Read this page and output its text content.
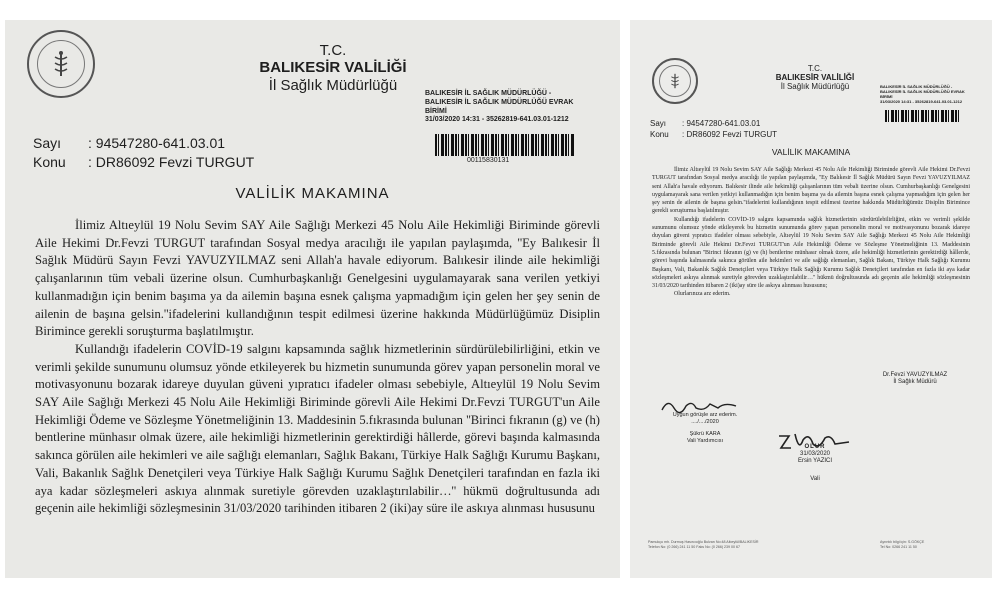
T.C.
BALIKESİR VALİLİĞİ
İl Sağlık Müdürlüğü	BALIKESİR İL SAĞLIK MÜDÜRLÜĞÜ -
BALIKESİR İL SAĞLIK MÜDÜRLÜĞÜ EVRAK
BİRİMİ
31/03/2020 14:31 - 35262819-641.03.01-1212
00115830131
Sayı	: 94547280-641.03.01
Konu	: DR86092 Fevzi TURGUT
VALİLİK MAKAMINA

İlimiz Altıeylül 19 Nolu Sevim SAY Aile Sağlığı Merkezi 45 Nolu Aile Hekimliği Biriminde görevli Aile Hekimi Dr.Fevzi TURGUT tarafından Sosyal medya aracılığı ile yapılan paylaşımda, ''Ey Balıkesir İl Sağlık Müdürü Sayın Fevzi YAVUZYILMAZ seni Allah'a havale ediyorum. Balıkesir ilinde aile hekimliği çalışanlarının tüm vebali üzerine olsun. Cumhurbaşkanlığı Genelgesini uygulamayarak sana verilen yetkiyi kullanmadığın için benim başıma ya da ailemin başına esnek çalışma yapmadığım için gelen her şey senin de ailenin de başına gelsin.''ifadelerini kullandığının tespit edilmesi üzerine hakkında Müdürlüğümüz Disiplin Birimince gerekli soruşturma başlatılmıştır.

Kullandığı ifadelerin COVİD-19 salgını kapsamında sağlık hizmetlerinin sürdürülebilirliğini, etkin ve verimli şekilde sunumunu olumsuz yönde etkileyerek bu hizmetin sunumunda görev yapan personelin moral ve motivasyonunu bozarak idareye duyulan güveni yıpratıcı ifadeler olması sebebiyle, Altıeylül 19 Nolu Sevim SAY Aile Sağlığı Merkezi 45 Nolu Aile Hekimliği Biriminde görevli Aile Hekimi Dr.Fevzi TURGUT'un Aile Hekimliği Ödeme ve Sözleşme Yönetmeliğinin 13. Maddesinin 5.fıkrasında bulunan ''Birinci fıkranın (g) ve (h) bentlerine münhasır olmak üzere, aile hekimliği hizmetlerinin gerektirdiği hâllerde, görevi başında kalmasında sakınca görülen aile hekimleri ve aile sağlığı elemanları, Sağlık Bakanı, Türkiye Halk Sağlığı Kurumu Başkanı, Vali, Bakanlık Sağlık Denetçileri veya Türkiye Halk Sağlığı Kurumu Sağlık Denetçileri tarafından en fazla iki aya kadar sözleşmeleri askıya alınmak suretiyle görevden uzaklaştırılabilir…'' hükmü doğrultusunda adı geçenin aile hekimliği sözleşmesinin 31/03/2020 tarihinden itibaren 2 (iki)ay süre ile askıya alınması hususunu

T.C.
BALIKESİR VALİLİĞİ
İl Sağlık Müdürlüğü	BALIKESİR İL SAĞLIK MÜDÜRLÜĞÜ -
BALIKESİR İL SAĞLIK MÜDÜRLÜĞÜ EVRAK
BİRİMİ
31/03/2020 14:31 - 35262819-641.03.01-1212
Sayı	: 94547280-641.03.01
Konu	: DR86092 Fevzi TURGUT
VALİLİK MAKAMINA

İlimiz Altıeylül 19 Nolu Sevim SAY Aile Sağlığı Merkezi 45 Nolu Aile Hekimliği Biriminde görevli Aile Hekimi Dr.Fevzi TURGUT tarafından Sosyal medya aracılığı ile yapılan paylaşımda, ''Ey Balıkesir İl Sağlık Müdürü Sayın Fevzi YAVUZYILMAZ seni Allah'a havale ediyorum. Balıkesir ilinde aile hekimliği çalışanlarının tüm vebali üzerine olsun. Cumhurbaşkanlığı Genelgesini uygulamayarak sana verilen yetkiyi kullanmadığın için benim başıma ya da ailemin başına esnek çalışma yapmadığım için gelen her şey senin de ailenin de başına gelsin.''ifadelerini kullandığının tespit edilmesi üzerine hakkında Müdürlüğümüz Disiplin Birimince gerekli soruşturma başlatılmıştır.

Kullandığı ifadelerin COVİD-19 salgını kapsamında sağlık hizmetlerinin sürdürülebilirliğini, etkin ve verimli şekilde sunumunu olumsuz yönde etkileyerek bu hizmetin sunumunda görev yapan personelin moral ve motivasyonunu bozarak idareye duyulan güveni yıpratıcı ifadeler olması sebebiyle, Altıeylül 19 Nolu Sevim SAY Aile Sağlığı Merkezi 45 Nolu Aile Hekimliği Biriminde görevli Aile Hekimi Dr.Fevzi TURGUT'un Aile Hekimliği Ödeme ve Sözleşme Yönetmeliğinin 13. Maddesinin 5.fıkrasında bulunan ''Birinci fıkranın (g) ve (h) bentlerine münhasır olmak üzere, aile hekimliği hizmetlerinin gerektirdiği hâllerde, görevi başında kalmasında sakınca görülen aile hekimleri ve aile sağlığı elemanları, Sağlık Bakanı, Türkiye Halk Sağlığı Kurumu Başkanı, Vali, Bakanlık Sağlık Denetçileri veya Türkiye Halk Sağlığı Kurumu Sağlık Denetçileri tarafından en fazla iki aya kadar sözleşmeleri askıya alınmak suretiyle görevden uzaklaştırılabilir…'' hükmü doğrultusunda adı geçenin aile hekimliği sözleşmesinin 31/03/2020 tarihinden itibaren 2 (iki)ay süre ile askıya alınması hususunu;

Olurlarınıza arz ederim.

Dr.Fevzi YAVUZYILMAZ
İl Sağlık Müdürü
Uygun görüşle arz ederim.
..../..../2020
Şükrü KARA
Vali Yardımcısı
OLUR
31/03/2020
Ersin YAZICI
Vali
Pamukçu mh. Durmuş Hasırcıoğlu Bulvarı No:48 Altıeylül/BALIKESİR
Telefon No: (0 266) 241 11 50 Faks No: (0 266) 239 00 67
Ayrıntılı bilgi için: S.GÖKÇE
Tel No: 0266 241 11 50
